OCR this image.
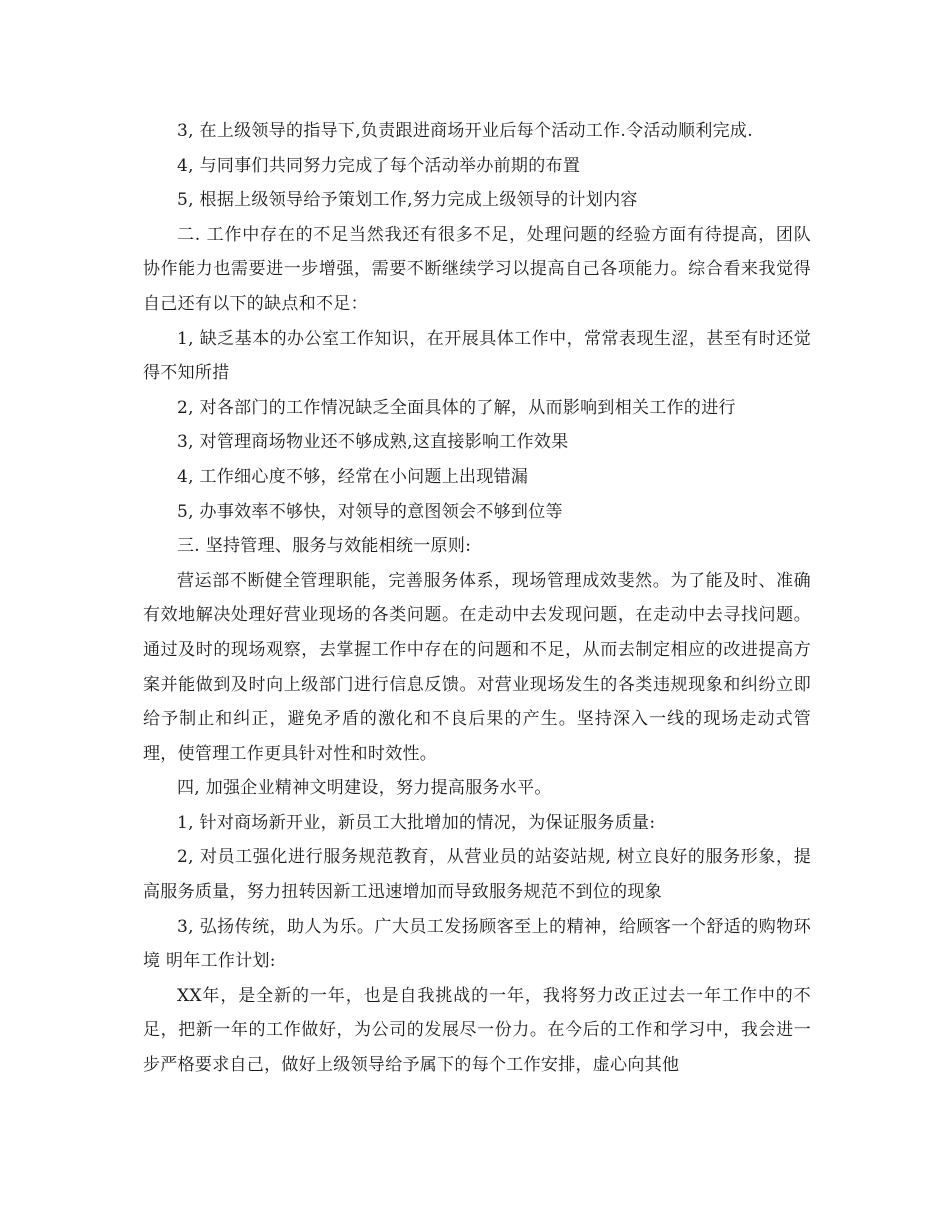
3, 在上级领导的指导下,负责跟进商场开业后每个活动工作.令活动顺利完成.

4, 与同事们共同努力完成了每个活动举办前期的布置

5, 根据上级领导给予策划工作,努力完成上级领导的计划内容

二. 工作中存在的不足当然我还有很多不足，处理问题的经验方面有待提高，团队协作能力也需要进一步增强，需要不断继续学习以提高自己各项能力。综合看来我觉得自己还有以下的缺点和不足：

1, 缺乏基本的办公室工作知识，在开展具体工作中，常常表现生涩，甚至有时还觉得不知所措

2, 对各部门的工作情况缺乏全面具体的了解，从而影响到相关工作的进行

3, 对管理商场物业还不够成熟,这直接影响工作效果

4, 工作细心度不够，经常在小问题上出现错漏

5, 办事效率不够快，对领导的意图领会不够到位等

三. 坚持管理、服务与效能相统一原则:

营运部不断健全管理职能，完善服务体系，现场管理成效斐然。为了能及时、准确有效地解决处理好营业现场的各类问题。在走动中去发现问题，在走动中去寻找问题。通过及时的现场观察，去掌握工作中存在的问题和不足，从而去制定相应的改进提高方案并能做到及时向上级部门进行信息反馈。对营业现场发生的各类违规现象和纠纷立即给予制止和纠正，避免矛盾的激化和不良后果的产生。坚持深入一线的现场走动式管理，使管理工作更具针对性和时效性。

四, 加强企业精神文明建设，努力提高服务水平。

1, 针对商场新开业，新员工大批增加的情况，为保证服务质量:

2, 对员工强化进行服务规范教育，从营业员的站姿站规, 树立良好的服务形象，提高服务质量，努力扭转因新工迅速增加而导致服务规范不到位的现象

3, 弘扬传统，助人为乐。广大员工发扬顾客至上的精神，给顾客一个舒适的购物环境 明年工作计划:

XX年，是全新的一年，也是自我挑战的一年，我将努力改正过去一年工作中的不足，把新一年的工作做好，为公司的发展尽一份力。在今后的工作和学习中，我会进一步严格要求自己，做好上级领导给予属下的每个工作安排，虚心向其他
